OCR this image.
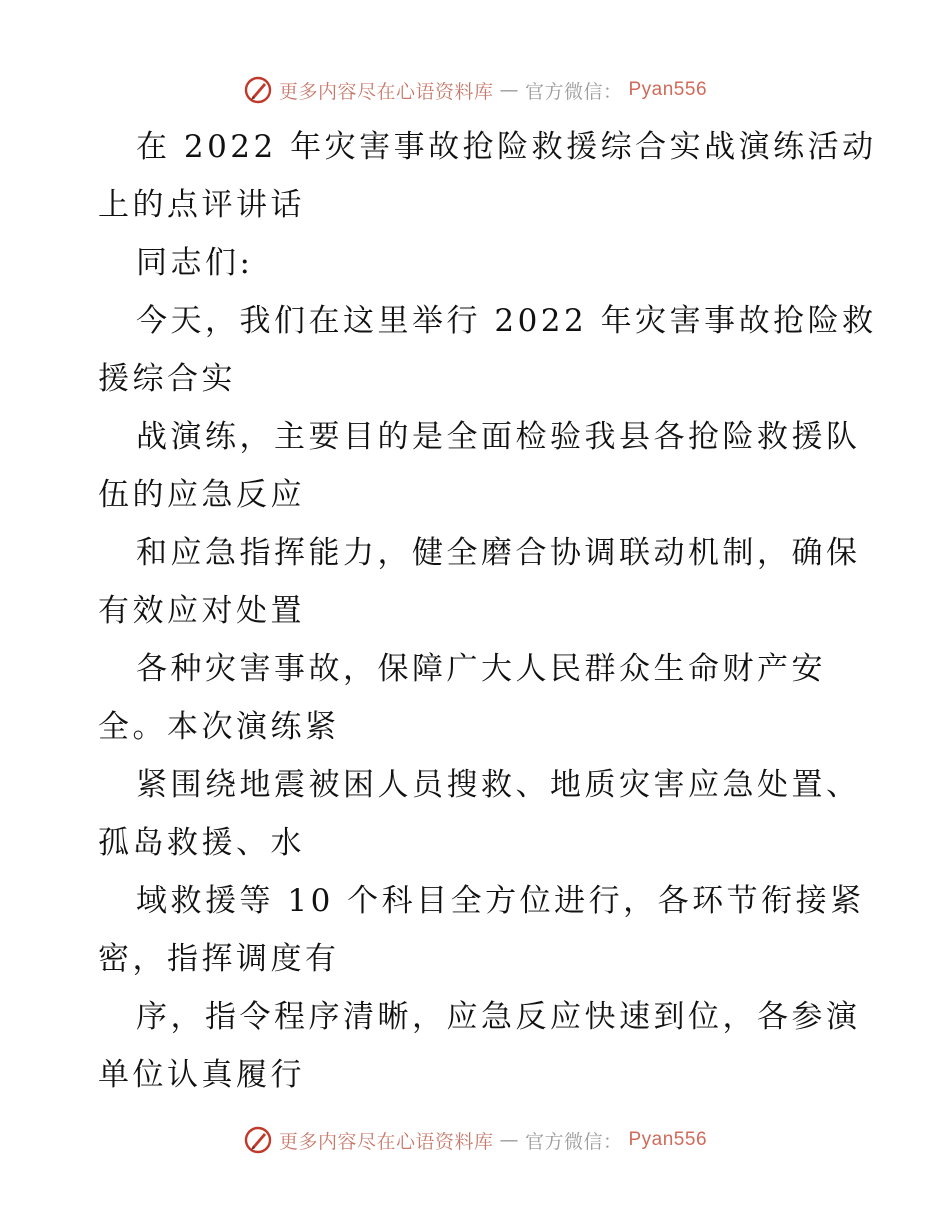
更多内容尽在心语资料库 — 官方微信： Pyan556
在 2022 年灾害事故抢险救援综合实战演练活动
上的点评讲话
同志们:
今天，我们在这里举行 2022 年灾害事故抢险救
援综合实
战演练，主要目的是全面检验我县各抢险救援队
伍的应急反应
和应急指挥能力，健全磨合协调联动机制，确保
有效应对处置
各种灾害事故，保障广大人民群众生命财产安
全。本次演练紧
紧围绕地震被困人员搜救、地质灾害应急处置、
孤岛救援、水
域救援等 10 个科目全方位进行，各环节衔接紧
密，指挥调度有
序，指令程序清晰，应急反应快速到位，各参演
单位认真履行
更多内容尽在心语资料库 — 官方微信： Pyan556
